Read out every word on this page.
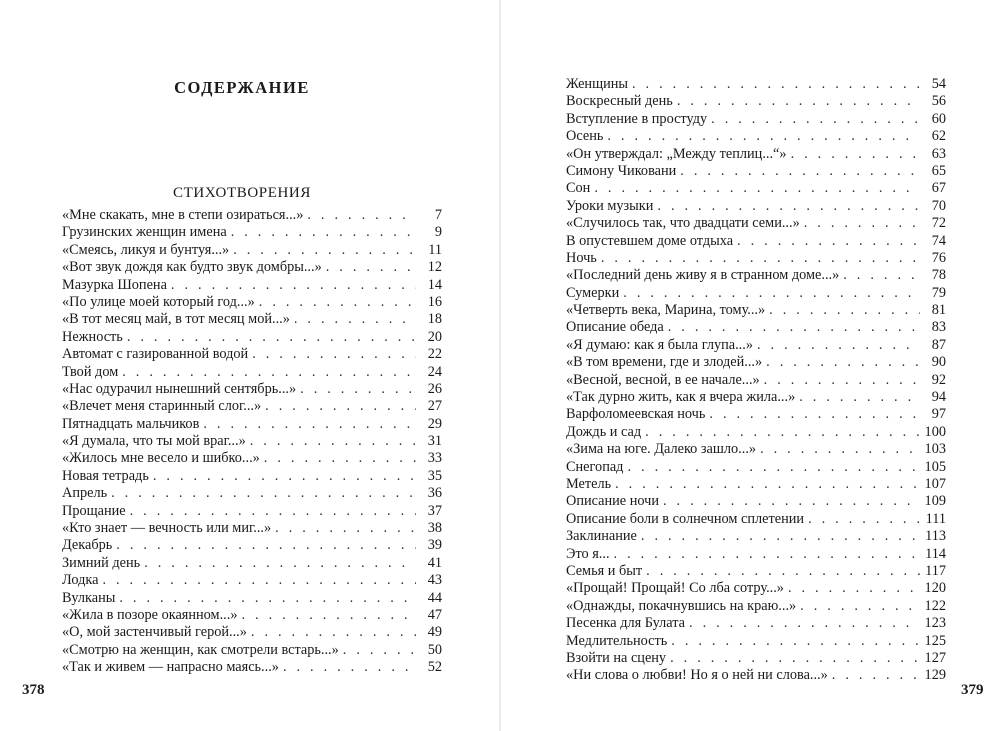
СОДЕРЖАНИЕ
СТИХОТВОРЕНИЯ
«Мне скакать, мне в степи озираться...» . . .	7
Грузинских женщин имена . . .	9
«Смеясь, ликуя и бунтуя...» . . .	11
«Вот звук дождя как будто звук домбры...» . . .	12
Мазурка Шопена . . .	14
«По улице моей который год...» . . .	16
«В тот месяц май, в тот месяц мой...» . . .	18
Нежность . . .	20
Автомат с газированной водой . . .	22
Твой дом . . .	24
«Нас одурачил нынешний сентябрь...» . . .	26
«Влечет меня старинный слог...» . . .	27
Пятнадцать мальчиков . . .	29
«Я думала, что ты мой враг...» . . .	31
«Жилось мне весело и шибко...» . . .	33
Новая тетрадь . . .	35
Апрель . . .	36
Прощание . . .	37
«Кто знает — вечность или миг...» . . .	38
Декабрь . . .	39
Зимний день . . .	41
Лодка . . .	43
Вулканы . . .	44
«Жила в позоре окаянном...» . . .	47
«О, мой застенчивый герой...» . . .	49
«Смотрю на женщин, как смотрели встарь...» . . .	50
«Так и живем — напрасно маясь...» . . .	52
378
Женщины . . .	54
Воскресный день . . .	56
Вступление в простуду . . .	60
Осень . . .	62
«Он утверждал: „Между теплиц...“» . . .	63
Симону Чиковани . . .	65
Сон . . .	67
Уроки музыки . . .	70
«Случилось так, что двадцати семи...» . . .	72
В опустевшем доме отдыха . . .	74
Ночь . . .	76
«Последний день живу я в странном доме...» . . .	78
Сумерки . . .	79
«Четверть века, Марина, тому...» . . .	81
Описание обеда . . .	83
«Я думаю: как я была глупа...» . . .	87
«В том времени, где и злодей...» . . .	90
«Весной, весной, в ее начале...» . . .	92
«Так дурно жить, как я вчера жила...» . . .	94
Варфоломеевская ночь . . .	97
Дождь и сад . . .	100
«Зима на юге. Далеко зашло...» . . .	103
Снегопад . . .	105
Метель . . .	107
Описание ночи . . .	109
Описание боли в солнечном сплетении . . .	111
Заклинание . . .	113
Это я... . . .	114
Семья и быт . . .	117
«Прощай! Прощай! Со лба сотру...» . . .	120
«Однажды, покачнувшись на краю...» . . .	122
Песенка для Булата . . .	123
Медлительность . . .	125
Взойти на сцену . . .	127
«Ни слова о любви! Но я о ней ни слова...» . . .	129
379
